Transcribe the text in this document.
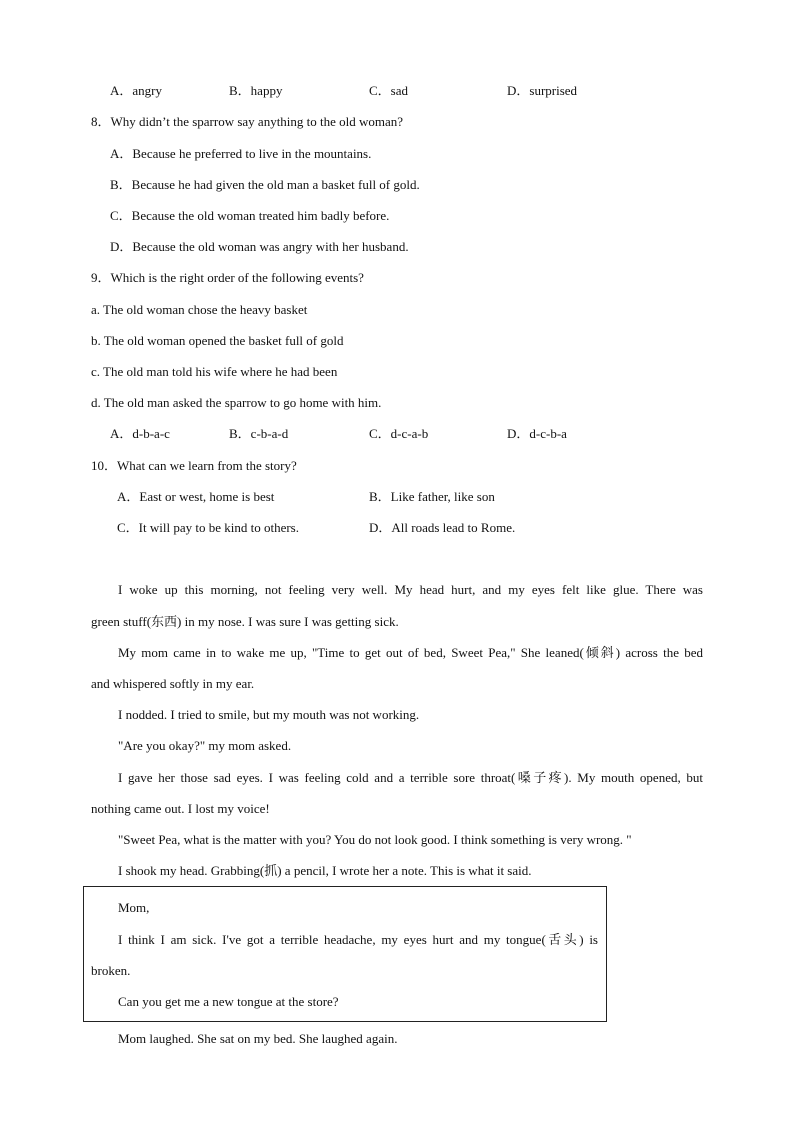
A．angry	B．happy	C．sad	D．surprised
8．Why didn’t the sparrow say anything to the old woman?
A．Because he preferred to live in the mountains.
B．Because he had given the old man a basket full of gold.
C．Because the old woman treated him badly before.
D．Because the old woman was angry with her husband.
9．Which is the right order of the following events?
a. The old woman chose the heavy basket
b. The old woman opened the basket full of gold
c. The old man told his wife where he had been
d. The old man asked the sparrow to go home with him.
A．d-b-a-c	B．c-b-a-d	C．d-c-a-b	D．d-c-b-a
10．What can we learn from the story?
A．East or west, home is best	B．Like father, like son
C．It will pay to be kind to others.	D．All roads lead to Rome.
I woke up this morning, not feeling very well. My head hurt, and my eyes felt like glue. There was
green stuff(东西) in my nose. I was sure I was getting sick.
My mom came in to wake me up, "Time to get out of bed, Sweet Pea," She leaned(倾斜) across the bed
and whispered softly in my ear.
I nodded. I tried to smile, but my mouth was not working.
"Are you okay?" my mom asked.
I gave her those sad eyes. I was feeling cold and a terrible sore throat(嗓子疼). My mouth opened, but
nothing came out. I lost my voice!
"Sweet Pea, what is the matter with you? You do not look good. I think something is very wrong. "
I shook my head. Grabbing(抓) a pencil, I wrote her a note. This is what it said.
Mom,
I think I am sick. I've got a terrible headache, my eyes hurt and my tongue(舌头) is
broken.
Can you get me a new tongue at the store?
Mom laughed. She sat on my bed. She laughed again.
